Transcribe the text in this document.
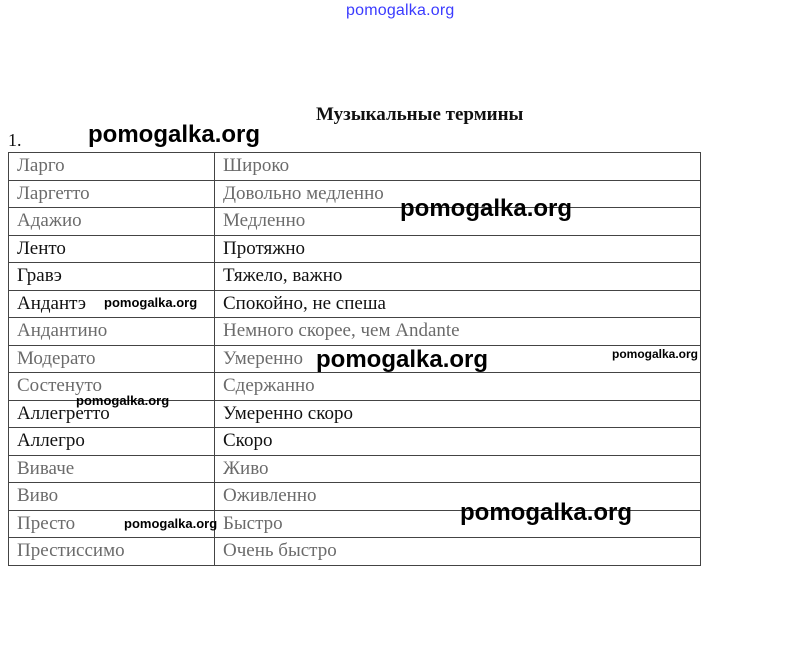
pomogalka.org
Музыкальные термины
1.
Ларго	Широко
Ларгетто	Довольно медленно
Адажио	Медленно
Ленто	Протяжно
Гравэ	Тяжело, важно
Андантэ	Спокойно, не спеша
Андантино	Немного скорее, чем Andante
Модерато	Умеренно
Состенуто	Сдержанно
Аллегретто	Умеренно скоро
Аллегро	Скоро
Виваче	Живо
Виво	Оживленно
Престо	Быстро
Престиссимо	Очень быстро
pomogalka.org
pomogalka.org
pomogalka.org
pomogalka.org	pomogalka.org
pomogalka.org
pomogalka.org
pomogalka.org
